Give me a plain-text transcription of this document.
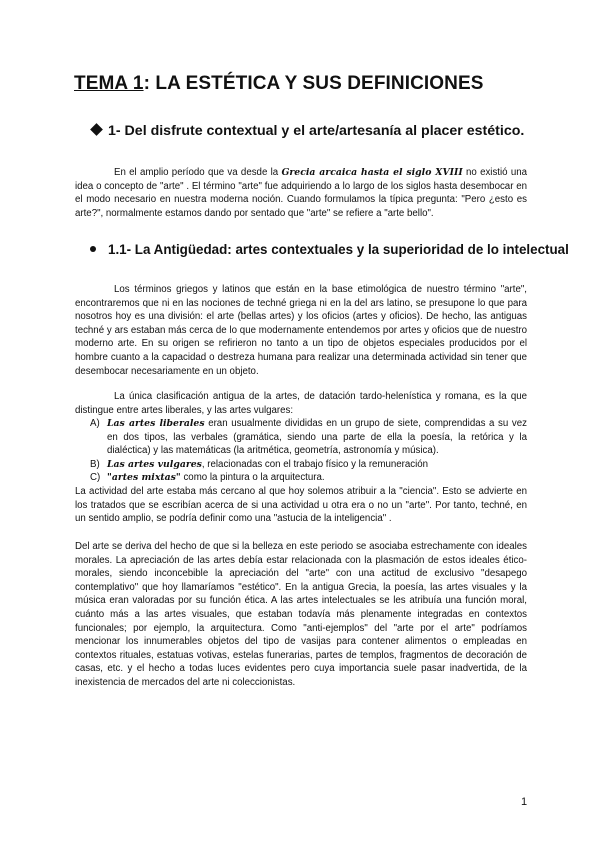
TEMA 1: LA ESTÉTICA Y SUS DEFINICIONES
1- Del disfrute contextual y el arte/artesanía al placer estético.

En el amplio período que va desde la Grecia arcaica hasta el siglo XVIII no existió una idea o concepto de "arte" . El término "arte" fue adquiriendo a lo largo de los siglos hasta desembocar en el modo necesario en nuestra moderna noción. Cuando formulamos la típica pregunta: "Pero ¿esto es arte?", normalmente estamos dando por sentado que "arte" se refiere a "arte bello".

1.1- La Antigüedad: artes contextuales y la superioridad de lo intelectual

Los términos griegos y latinos que están en la base etimológica de nuestro término "arte", encontraremos que ni en las nociones de techné griega ni en la del ars latino, se presupone lo que para nosotros hoy es una división: el arte (bellas artes) y los oficios (artes y oficios). De hecho, las antiguas techné y ars estaban más cerca de lo que modernamente entendemos por artes y oficios que de nuestro moderno arte. En su origen se refirieron no tanto a un tipo de objetos especiales producidos por el hombre cuanto a la capacidad o destreza humana para realizar una determinada actividad sin tener que desembocar necesariamente en un objeto.

La única clasificación antigua de la artes, de datación tardo-helenística y romana, es la que distingue entre artes liberales, y las artes vulgares:

A) Las artes liberales eran usualmente divididas en un grupo de siete, comprendidas a su vez en dos tipos, las verbales (gramática, siendo una parte de ella la poesía, la retórica y la dialéctica) y las matemáticas (la aritmética, geometría, astronomía y música).
B) Las artes vulgares, relacionadas con el trabajo físico y la remuneración
C) "artes mixtas" como la pintura o la arquitectura.

La actividad del arte estaba más cercano al que hoy solemos atribuir a la "ciencia". Esto se advierte en los tratados que se escribían acerca de si una actividad u otra era o no un "arte". Por tanto, techné, en un sentido amplio, se podría definir como una "astucia de la inteligencia" .

Del arte se deriva del hecho de que si la belleza en este periodo se asociaba estrechamente con ideales morales. La apreciación de las artes debía estar relacionada con la plasmación de estos ideales ético-morales, siendo inconcebible la apreciación del "arte" con una actitud de exclusivo "desapego contemplativo" que hoy llamaríamos "estético". En la antigua Grecia, la poesía, las artes visuales y la música eran valoradas por su función ética. A las artes intelectuales se les atribuía una función moral, cuánto más a las artes visuales, que estaban todavía más plenamente integradas en contextos funcionales; por ejemplo, la arquitectura. Como "anti-ejemplos" del "arte por el arte" podríamos mencionar los innumerables objetos del tipo de vasijas para contener alimentos o empleadas en contextos rituales, estatuas votivas, estelas funerarias, partes de templos, fragmentos de decoración de casas, etc. y el hecho a todas luces evidentes pero cuya importancia suele pasar inadvertida, de la inexistencia de mercados del arte ni coleccionistas.

1
